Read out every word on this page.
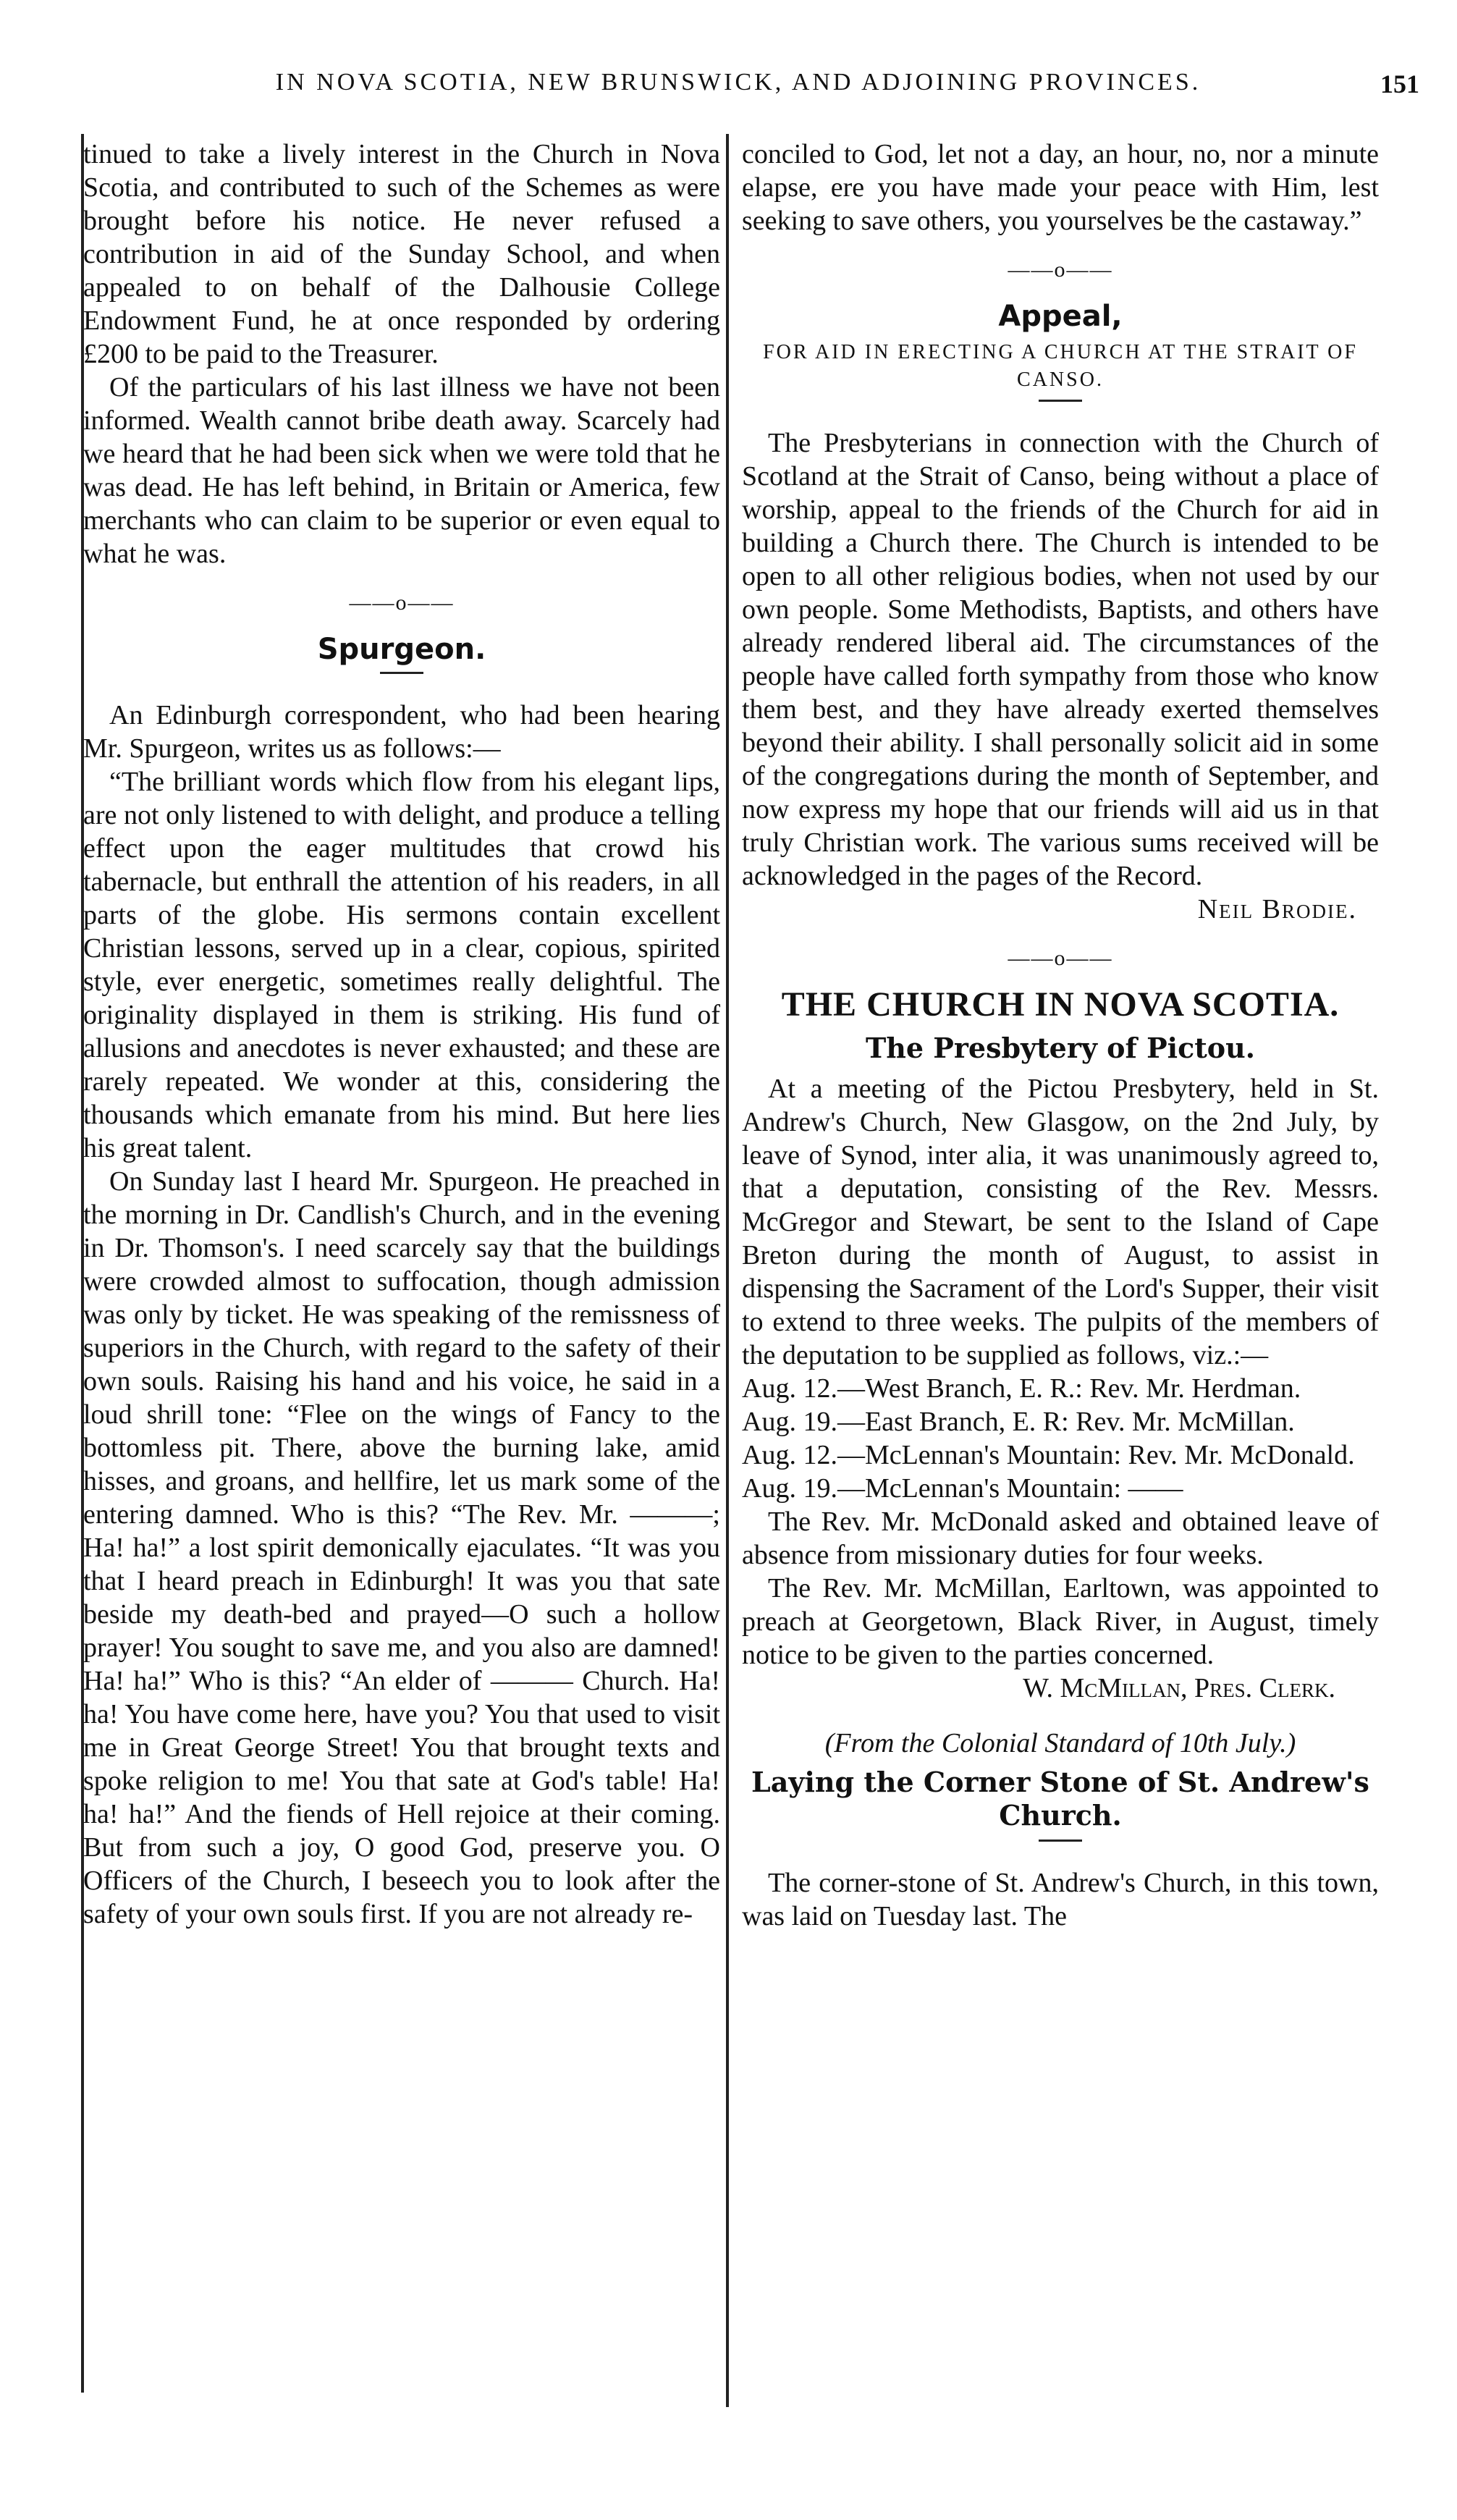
IN NOVA SCOTIA, NEW BRUNSWICK, AND ADJOINING PROVINCES.	151

tinued to take a lively interest in the Church in Nova Scotia, and contributed to such of the Schemes as were brought before his notice. He never refused a contribution in aid of the Sunday School, and when appealed to on behalf of the Dalhousie College Endowment Fund, he at once responded by ordering £200 to be paid to the Treasurer.

Of the particulars of his last illness we have not been informed. Wealth cannot bribe death away. Scarcely had we heard that he had been sick when we were told that he was dead. He has left behind, in Britain or America, few merchants who can claim to be superior or even equal to what he was.

——o——
Spurgeon.

An Edinburgh correspondent, who had been hearing Mr. Spurgeon, writes us as follows:—

“The brilliant words which flow from his elegant lips, are not only listened to with delight, and produce a telling effect upon the eager multitudes that crowd his tabernacle, but enthrall the attention of his readers, in all parts of the globe. His sermons contain excellent Christian lessons, served up in a clear, copious, spirited style, ever energetic, sometimes really delightful. The originality displayed in them is striking. His fund of allusions and anecdotes is never exhausted; and these are rarely repeated. We wonder at this, considering the thousands which emanate from his mind. But here lies his great talent.

On Sunday last I heard Mr. Spurgeon. He preached in the morning in Dr. Candlish's Church, and in the evening in Dr. Thomson's. I need scarcely say that the buildings were crowded almost to suffocation, though admission was only by ticket. He was speaking of the remissness of superiors in the Church, with regard to the safety of their own souls. Raising his hand and his voice, he said in a loud shrill tone: “Flee on the wings of Fancy to the bottomless pit. There, above the burning lake, amid hisses, and groans, and hellfire, let us mark some of the entering damned. Who is this? “The Rev. Mr. ———; Ha! ha!” a lost spirit demonically ejaculates. “It was you that I heard preach in Edinburgh! It was you that sate beside my death-bed and prayed—O such a hollow prayer! You sought to save me, and you also are damned! Ha! ha!” Who is this? “An elder of ——— Church. Ha! ha! You have come here, have you? You that used to visit me in Great George Street! You that brought texts and spoke religion to me! You that sate at God's table! Ha! ha! ha!” And the fiends of Hell rejoice at their coming. But from such a joy, O good God, preserve you. O Officers of the Church, I beseech you to look after the safety of your own souls first. If you are not already re-

conciled to God, let not a day, an hour, no, nor a minute elapse, ere you have made your peace with Him, lest seeking to save others, you yourselves be the castaway.”

——o——
Appeal,
FOR AID IN ERECTING A CHURCH AT THE STRAIT OF CANSO.

The Presbyterians in connection with the Church of Scotland at the Strait of Canso, being without a place of worship, appeal to the friends of the Church for aid in building a Church there. The Church is intended to be open to all other religious bodies, when not used by our own people. Some Methodists, Baptists, and others have already rendered liberal aid. The circumstances of the people have called forth sympathy from those who know them best, and they have already exerted themselves beyond their ability. I shall personally solicit aid in some of the congregations during the month of September, and now express my hope that our friends will aid us in that truly Christian work. The various sums received will be acknowledged in the pages of the Record.

Neil Brodie.

——o——
THE CHURCH IN NOVA SCOTIA.
The Presbytery of Pictou.

At a meeting of the Pictou Presbytery, held in St. Andrew's Church, New Glasgow, on the 2nd July, by leave of Synod, inter alia, it was unanimously agreed to, that a deputation, consisting of the Rev. Messrs. McGregor and Stewart, be sent to the Island of Cape Breton during the month of August, to assist in dispensing the Sacrament of the Lord's Supper, their visit to extend to three weeks. The pulpits of the members of the deputation to be supplied as follows, viz.:—

Aug. 12.—West Branch, E. R.: Rev. Mr. Herdman.

Aug. 19.—East Branch, E. R: Rev. Mr. McMillan.

Aug. 12.—McLennan's Mountain: Rev. Mr. McDonald.

Aug. 19.—McLennan's Mountain: ——

The Rev. Mr. McDonald asked and obtained leave of absence from missionary duties for four weeks.

The Rev. Mr. McMillan, Earltown, was appointed to preach at Georgetown, Black River, in August, timely notice to be given to the parties concerned.

W. McMillan, Pres. Clerk.

(From the Colonial Standard of 10th July.)
Laying the Corner Stone of St. Andrew's Church.

The corner-stone of St. Andrew's Church, in this town, was laid on Tuesday last. The
